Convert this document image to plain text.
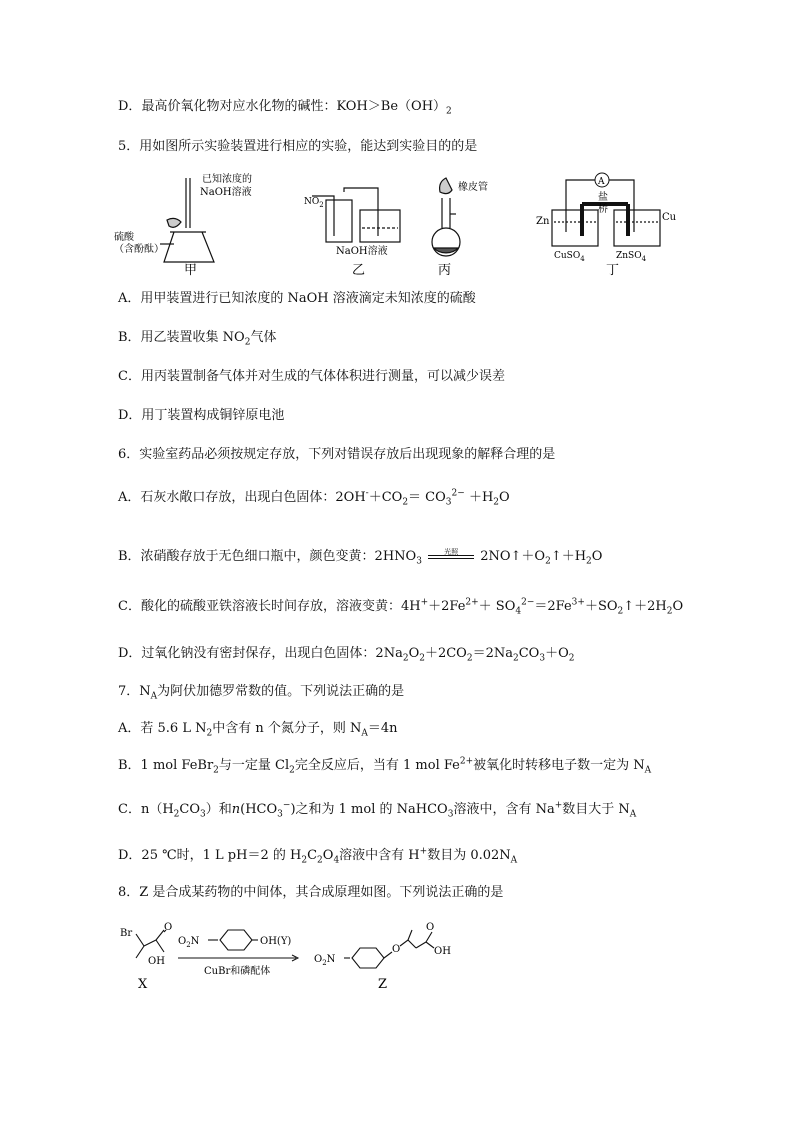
D．最高价氧化物对应水化物的碱性：$KOH>Be(OH)_2$
5．用如图所示实验装置进行相应的实验，能达到实验目的的是
已知浓度的
NaOH溶液
硫酸
（含酚酞）
甲
$NO_2$
NaOH溶液
乙
橡皮管
丙
A
盐
桥
Zn	Cu
CuSO$_4$	ZnSO$_4$
丁
A．用甲装置进行已知浓度的 NaOH 溶液滴定未知浓度的硫酸
B．用乙装置收集 $NO_2$气体
C．用丙装置制备气体并对生成的气体体积进行测量，可以减少误差
D．用丁装置构成铜锌原电池
6．实验室药品必须按规定存放，下列对错误存放后出现现象的解释合理的是
A．石灰水敞口存放，出现白色固体：$2OH^-+CO_2= CO_3^{2-} +H_2O$
B．浓硝酸存放于无色细口瓶中，颜色变黄：$2HNO_3$
光照	$2NO↑+O_2↑+H_2O$
C．酸化的硫酸亚铁溶液长时间存放，溶液变黄：$4H^++2Fe^{2+}+$ $SO_4^{2-}=2Fe^{3+}+SO_2↑+2H_2O$
D．过氧化钠没有密封保存，出现白色固体：$2Na_2O_2+2CO_2=2Na_2CO_3+O_2$
7．$N_A$为阿伏加德罗常数的值。下列说法正确的是
A．若 5.6 L $N_2$中含有 n 个氮分子，则 $N_A=4n$
B．1 mol FeBr$_2$与一定量 $Cl_2$完全反应后，当有 1 mol $Fe^{2+}$被氧化时转移电子数一定为 $N_A$
C．$n(H_2CO_3)$和$n(HCO_3^-)$之和为 1 mol 的 NaHCO$_3$溶液中，含有 Na+数目大于 $N_A$
D．25 ℃时，1 L pH＝2 的 $H_2C_2O_4$溶液中含有 H+数目为 $0.02N_A$
8．Z 是合成某药物的中间体，其合成原理如图。下列说法正确的是
Br
O
OH
X
$O_2N$	OH(Y)
CuBr和磷配体
$O_2N$
O
O
OH
Z
